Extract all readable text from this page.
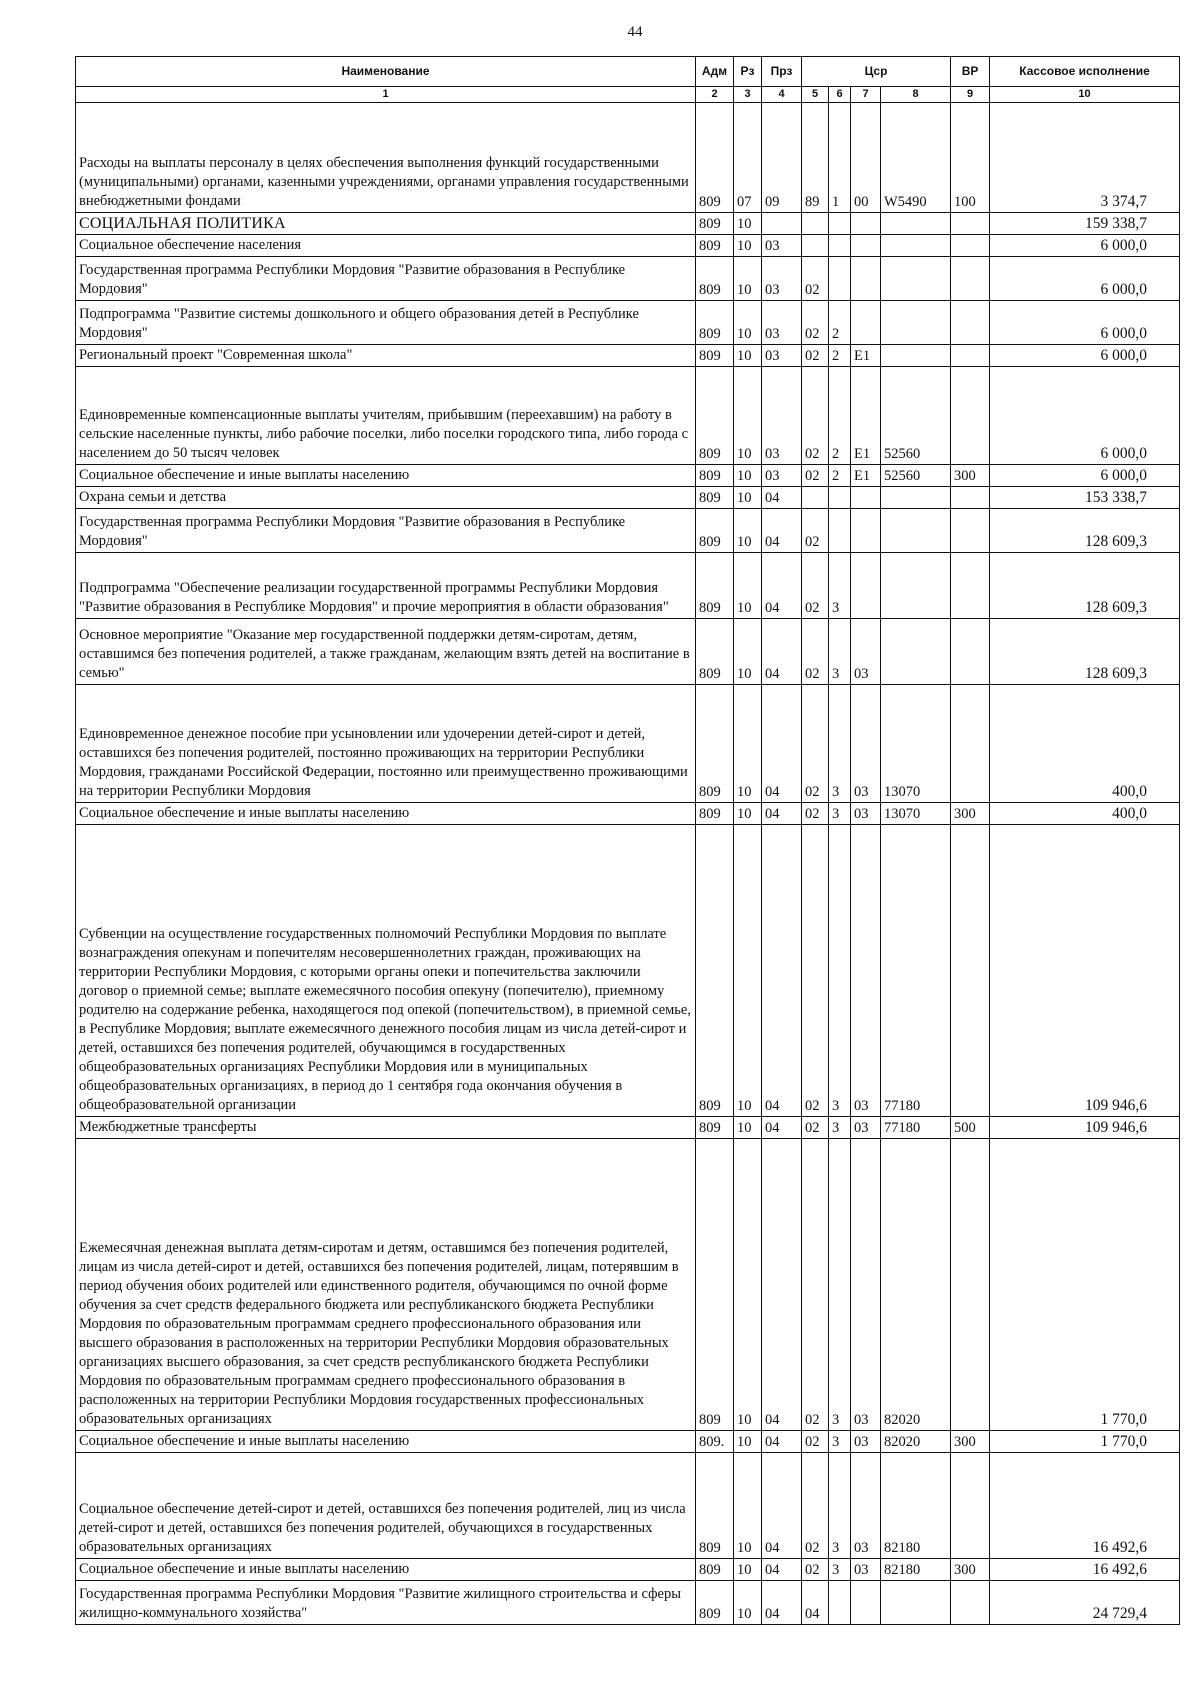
44
Наименование	Адм	Рз	Прз	Цср				ВР	Кассовое исполнение
1	2	3	4	5	6	7	8	9	10
Расходы на выплаты персоналу в целях обеспечения выполнения функций государственными (муниципальными) органами, казенными учреждениями, органами управления государственными внебюджетными фондами	809	07	09	89	1	00	W5490	100	3 374,7
СОЦИАЛЬНАЯ ПОЛИТИКА	809	10							159 338,7
Социальное обеспечение населения	809	10	03						6 000,0
Государственная программа Республики Мордовия "Развитие образования в Республике Мордовия"	809	10	03	02					6 000,0
Подпрограмма "Развитие системы дошкольного и общего образования детей в Республике Мордовия"	809	10	03	02	2				6 000,0
Региональный проект "Современная школа"	809	10	03	02	2	E1			6 000,0
Единовременные компенсационные выплаты учителям, прибывшим (переехавшим) на работу в сельские населенные пункты, либо рабочие поселки, либо поселки городского типа, либо города с населением до 50 тысяч человек	809	10	03	02	2	E1	52560		6 000,0
Социальное обеспечение и иные выплаты населению	809	10	03	02	2	E1	52560	300	6 000,0
Охрана семьи и детства	809	10	04						153 338,7
Государственная программа Республики Мордовия "Развитие образования в Республике Мордовия"	809	10	04	02					128 609,3
Подпрограмма "Обеспечение реализации государственной программы Республики Мордовия "Развитие образования в Республике Мордовия" и прочие мероприятия в области образования"	809	10	04	02	3				128 609,3
Основное мероприятие "Оказание мер государственной поддержки детям-сиротам, детям, оставшимся без попечения родителей, а также гражданам, желающим взять детей на воспитание в семью"	809	10	04	02	3	03			128 609,3
Единовременное денежное пособие при усыновлении или удочерении детей-сирот и детей, оставшихся без попечения родителей, постоянно проживающих на территории Республики Мордовия, гражданами Российской Федерации, постоянно или преимущественно проживающими на территории Республики Мордовия	809	10	04	02	3	03	13070		400,0
Социальное обеспечение и иные выплаты населению	809	10	04	02	3	03	13070	300	400,0
Субвенции на осуществление государственных полномочий Республики Мордовия по выплате вознаграждения опекунам и попечителям несовершеннолетних граждан, проживающих на территории Республики Мордовия, с которыми органы опеки и попечительства заключили договор о приемной семье; выплате ежемесячного пособия опекуну (попечителю), приемному родителю на содержание ребенка, находящегося под опекой (попечительством), в приемной семье, в Республике Мордовия; выплате ежемесячного денежного пособия лицам из числа детей-сирот и детей, оставшихся без попечения родителей, обучающимся в государственных общеобразовательных организациях Республики Мордовия или в муниципальных общеобразовательных организациях, в период до 1 сентября года окончания обучения в общеобразовательной организации	809	10	04	02	3	03	77180		109 946,6
Межбюджетные трансферты	809	10	04	02	3	03	77180	500	109 946,6
Ежемесячная денежная выплата детям-сиротам и детям, оставшимся без попечения родителей, лицам из числа детей-сирот и детей, оставшихся без попечения родителей, лицам, потерявшим в период обучения обоих родителей или единственного родителя, обучающимся по очной форме обучения за счет средств федерального бюджета или республиканского бюджета Республики Мордовия по образовательным программам среднего профессионального образования или высшего образования в расположенных на территории Республики Мордовия образовательных организациях высшего образования, за счет средств республиканского бюджета Республики Мордовия по образовательным программам среднего профессионального образования в расположенных на территории Республики Мордовия государственных профессиональных образовательных организациях	809	10	04	02	3	03	82020		1 770,0
Социальное обеспечение и иные выплаты населению	809.	10	04	02	3	03	82020	300	1 770,0
Социальное обеспечение детей-сирот и детей, оставшихся без попечения родителей, лиц из числа детей-сирот и детей, оставшихся без попечения родителей, обучающихся в государственных образовательных организациях	809	10	04	02	3	03	82180		16 492,6
Социальное обеспечение и иные выплаты населению	809	10	04	02	3	03	82180	300	16 492,6
Государственная программа Республики Мордовия "Развитие жилищного строительства и сферы жилищно-коммунального хозяйства"	809	10	04	04					24 729,4
